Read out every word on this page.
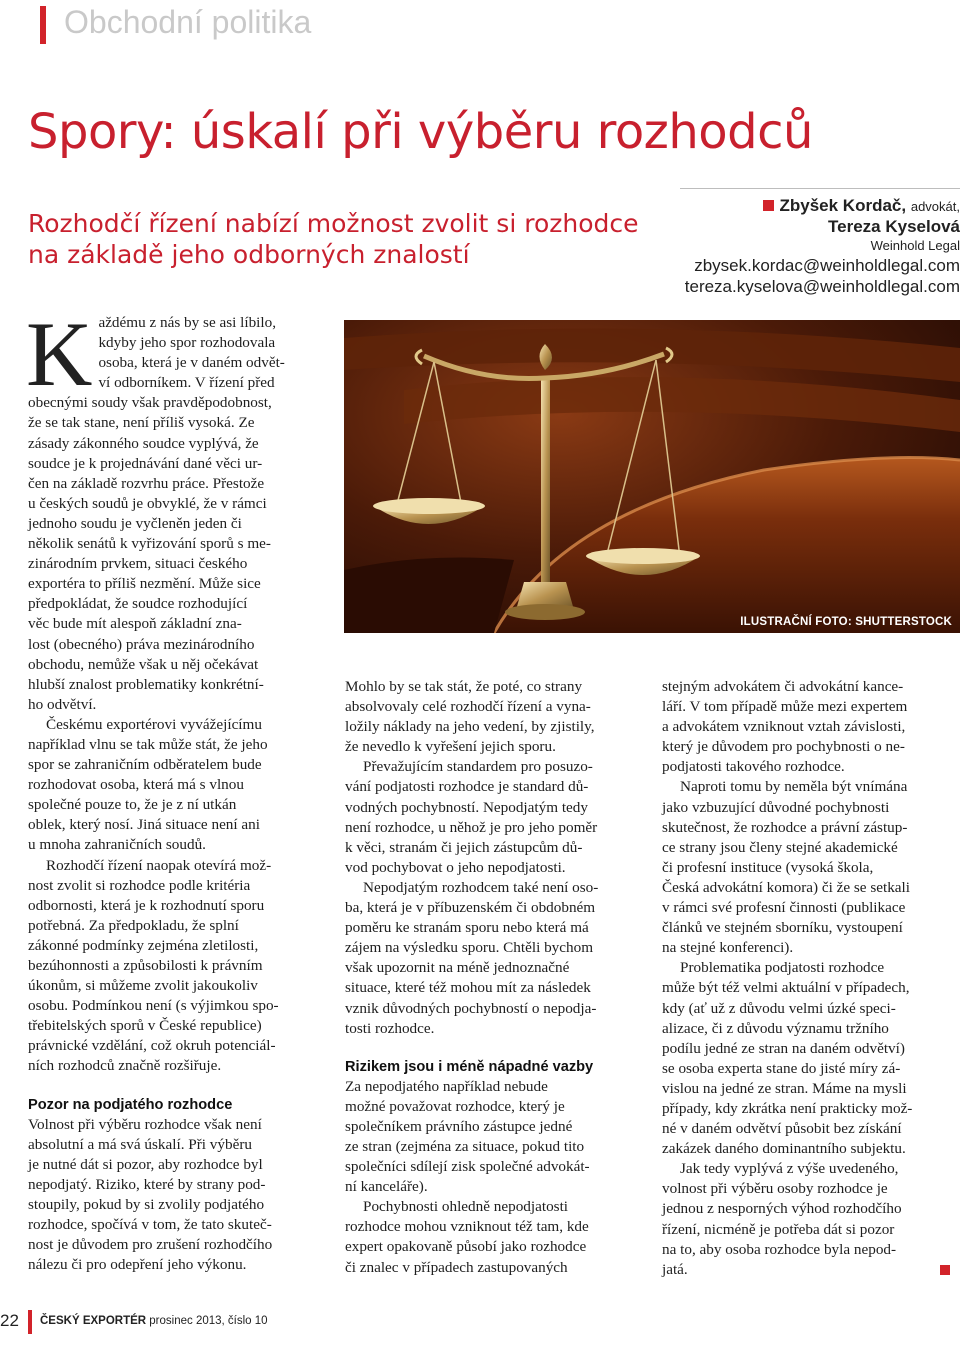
Obchodní politika
Spory: úskalí při výběru rozhodců
Rozhodčí řízení nabízí možnost zvolit si rozhodce
na základě jeho odborných znalostí
Zbyšek Kordač, advokát,
Tereza Kyselová
Weinhold Legal
zbysek.kordac@weinholdlegal.com
tereza.kyselova@weinholdlegal.com

K aždému z nás by se asi líbilo,
kdyby jeho spor rozhodovala
osoba, která je v daném odvět-
ví odborníkem. V řízení před
obecnými soudy však pravděpodobnost,
že se tak stane, není příliš vysoká. Ze
zásady zákonného soudce vyplývá, že
soudce je k projednávání dané věci ur-
čen na základě rozvrhu práce. Přestože
u českých soudů je obvyklé, že v rámci
jednoho soudu je vyčleněn jeden či
několik senátů k vyřizování sporů s me-
zinárodním prvkem, situaci českého
exportéra to příliš nezmění. Může sice
předpokládat, že soudce rozhodující
věc bude mít alespoň základní zna-
lost (obecného) práva mezinárodního
obchodu, nemůže však u něj očekávat
hlubší znalost problematiky konkrétní-
ho odvětví.

Českému exportérovi vyvážejícímu
například vlnu se tak může stát, že jeho
spor se zahraničním odběratelem bude
rozhodovat osoba, která má s vlnou
společné pouze to, že je z ní utkán
oblek, který nosí. Jiná situace není ani
u mnoha zahraničních soudů.

Rozhodčí řízení naopak otevírá mož-
nost zvolit si rozhodce podle kritéria
odbornosti, která je k rozhodnutí sporu
potřebná. Za předpokladu, že splní
zákonné podmínky zejména zletilosti,
bezúhonnosti a způsobilosti k právním
úkonům, si můžeme zvolit jakoukoliv
osobu. Podmínkou není (s výjimkou spo-
třebitelských sporů v České republice)
právnické vzdělání, což okruh potenciál-
ních rozhodců značně rozšiřuje.

Pozor na podjatého rozhodce

Volnost při výběru rozhodce však není
absolutní a má svá úskalí. Při výběru
je nutné dát si pozor, aby rozhodce byl
nepodjatý. Riziko, které by strany pod-
stoupily, pokud by si zvolily podjatého
rozhodce, spočívá v tom, že tato skuteč-
nost je důvodem pro zrušení rozhodčího
nálezu či pro odepření jeho výkonu.

ILUSTRAČNÍ FOTO: SHUTTERSTOCK

Mohlo by se tak stát, že poté, co strany
absolvovaly celé rozhodčí řízení a vyna-
ložily náklady na jeho vedení, by zjistily,
že nevedlo k vyřešení jejich sporu.

Převažujícím standardem pro posuzo-
vání podjatosti rozhodce je standard dů-
vodných pochybností. Nepodjatým tedy
není rozhodce, u něhož je pro jeho poměr
k věci, stranám či jejich zástupcům dů-
vod pochybovat o jeho nepodjatosti.

Nepodjatým rozhodcem také není oso-
ba, která je v příbuzenském či obdobném
poměru ke stranám sporu nebo která má
zájem na výsledku sporu. Chtěli bychom
však upozornit na méně jednoznačné
situace, které též mohou mít za následek
vznik důvodných pochybností o nepodja-
tosti rozhodce.

Rizikem jsou i méně nápadné vazby

Za nepodjatého například nebude
možné považovat rozhodce, který je
společníkem právního zástupce jedné
ze stran (zejména za situace, pokud tito
společníci sdílejí zisk společné advokát-
ní kanceláře).

Pochybnosti ohledně nepodjatosti
rozhodce mohou vzniknout též tam, kde
expert opakovaně působí jako rozhodce
či znalec v případech zastupovaných

stejným advokátem či advokátní kance-
láří. V tom případě může mezi expertem
a advokátem vzniknout vztah závislosti,
který je důvodem pro pochybnosti o ne-
podjatosti takového rozhodce.

Naproti tomu by neměla být vnímána
jako vzbuzující důvodné pochybnosti
skutečnost, že rozhodce a právní zástup-
ce strany jsou členy stejné akademické
či profesní instituce (vysoká škola,
Česká advokátní komora) či že se setkali
v rámci své profesní činnosti (publikace
článků ve stejném sborníku, vystoupení
na stejné konferenci).

Problematika podjatosti rozhodce
může být též velmi aktuální v případech,
kdy (ať už z důvodu velmi úzké speci-
alizace, či z důvodu významu tržního
podílu jedné ze stran na daném odvětví)
se osoba experta stane do jisté míry zá-
vislou na jedné ze stran. Máme na mysli
případy, kdy zkrátka není prakticky mož-
né v daném odvětví působit bez získání
zakázek daného dominantního subjektu.

Jak tedy vyplývá z výše uvedeného,
volnost při výběru osoby rozhodce je
jednou z nesporných výhod rozhodčího
řízení, nicméně je potřeba dát si pozor
na to, aby osoba rozhodce byla nepod-
jatá.

22 ČESKÝ EXPORTÉR prosinec 2013, číslo 10
